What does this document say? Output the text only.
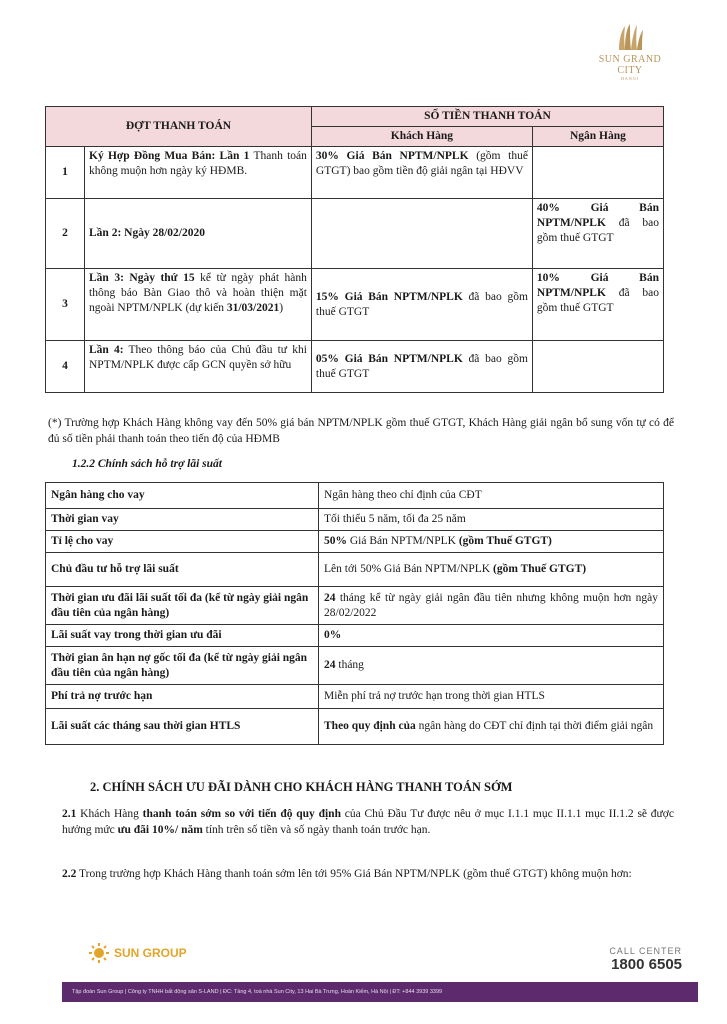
SUN GRAND CITY
HANOI
ĐỢT THANH TOÁN		SỐ TIỀN THANH TOÁN	
		Khách Hàng	Ngân Hàng
1	Ký Hợp Đồng Mua Bán: Lần 1 Thanh toán không muộn hơn ngày ký HĐMB.	30% Giá Bán NPTM/NPLK (gồm thuế GTGT) bao gồm tiền độ giải ngân tại HĐVV	
2	Lần 2: Ngày 28/02/2020		40% Giá Bán NPTM/NPLK đã bao gồm thuế GTGT
3	Lần 3: Ngày thứ 15 kể từ ngày phát hành thông báo Bàn Giao thô và hoàn thiện mặt ngoài NPTM/NPLK (dự kiến 31/03/2021)	15% Giá Bán NPTM/NPLK đã bao gồm thuế GTGT	10% Giá Bán NPTM/NPLK đã bao gồm thuế GTGT
4	Lần 4: Theo thông báo của Chủ đầu tư khi NPTM/NPLK được cấp GCN quyền sở hữu	05% Giá Bán NPTM/NPLK đã bao gồm thuế GTGT	
(*) Trường hợp Khách Hàng không vay đến 50% giá bán NPTM/NPLK gồm thuế GTGT, Khách Hàng giải ngân bổ sung vốn tự có để đủ số tiền phải thanh toán theo tiến độ của HĐMB
1.2.2 Chính sách hỗ trợ lãi suất
Ngân hàng cho vay	Ngân hàng theo chỉ định của CĐT
Thời gian vay	Tối thiểu 5 năm, tối đa 25 năm
Tỉ lệ cho vay	50% Giá Bán NPTM/NPLK (gồm Thuế GTGT)
Chủ đầu tư hỗ trợ lãi suất	Lên tới 50% Giá Bán NPTM/NPLK (gồm Thuế GTGT)
Thời gian ưu đãi lãi suất tối đa (kể từ ngày giải ngân đầu tiên của ngân hàng)	24 tháng kể từ ngày giải ngân đầu tiên nhưng không muộn hơn ngày 28/02/2022
Lãi suất vay trong thời gian ưu đãi	0%
Thời gian ân hạn nợ gốc tối đa (kể từ ngày giải ngân đầu tiên của ngân hàng)	24 tháng
Phí trả nợ trước hạn	Miễn phí trả nợ trước hạn trong thời gian HTLS
Lãi suất các tháng sau thời gian HTLS	Theo quy định của ngân hàng do CĐT chỉ định tại thời điểm giải ngân
2. CHÍNH SÁCH ƯU ĐÃI DÀNH CHO KHÁCH HÀNG THANH TOÁN SỚM
2.1 Khách Hàng thanh toán sớm so với tiến độ quy định của Chủ Đầu Tư được nêu ở mục I.1.1 mục II.1.1 mục II.1.2 sẽ được hưởng mức ưu đãi 10%/ năm tính trên số tiền và số ngày thanh toán trước hạn.
2.2 Trong trường hợp Khách Hàng thanh toán sớm lên tới 95% Giá Bán NPTM/NPLK (gồm thuế GTGT) không muộn hơn:
SUN GROUP	CALL CENTER
1800 6505
Tập đoàn Sun Group | Công ty TNHH bất động sản S-LAND | ĐC: Tầng 4, toà nhà Sun City, 13 Hai Bà Trưng, Hoàn Kiếm, Hà Nội | ĐT: +844 3939 3399
